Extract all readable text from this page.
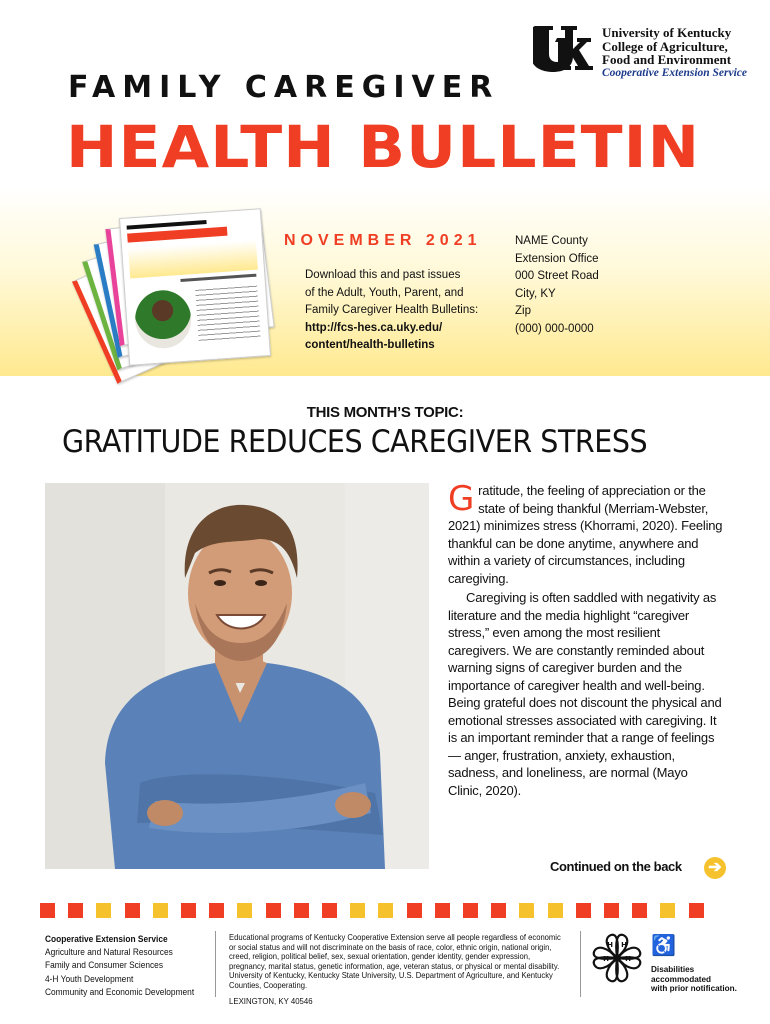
University of Kentucky
College of Agriculture,
Food and Environment
Cooperative Extension Service
FAMILY CAREGIVER
HEALTH BULLETIN
NOVEMBER 2021
Download this and past issues
of the Adult, Youth, Parent, and
Family Caregiver Health Bulletins:
http://fcs-hes.ca.uky.edu/
content/health-bulletins
NAME County
Extension Office
000 Street Road
City, KY
Zip
(000) 000-0000
THIS MONTH’S TOPIC:
GRATITUDE REDUCES CAREGIVER STRESS

Gratitude, the feeling of appreciation or the state of being thankful (Merriam-Webster, 2021) minimizes stress (Khorrami, 2020). Feeling thankful can be done anytime, anywhere and within a variety of circumstances, including caregiving.

Caregiving is often saddled with negativity as literature and the media highlight “caregiver stress,” even among the most resilient caregivers. We are constantly reminded about warning signs of caregiver burden and the importance of caregiver health and well-being. Being grateful does not discount the physical and emotional stresses associated with caregiving. It is an important reminder that a range of feelings — anger, frustration, anxiety, exhaustion, sadness, and loneliness, are normal (Mayo Clinic, 2020).

Continued on the back ➔
Cooperative Extension Service
Agriculture and Natural Resources
Family and Consumer Sciences
4-H Youth Development
Community and Economic Development
Educational programs of Kentucky Cooperative Extension serve all people regardless of economic or social status and will not discriminate on the basis of race, color, ethnic origin, national origin, creed, religion, political belief, sex, sexual orientation, gender identity, gender expression, pregnancy, marital status, genetic information, age, veteran status, or physical or mental disability. University of Kentucky, Kentucky State University, U.S. Department of Agriculture, and Kentucky Counties, Cooperating.
LEXINGTON, KY 40546
H H
H H
♿
Disabilities
accommodated
with prior notification.
